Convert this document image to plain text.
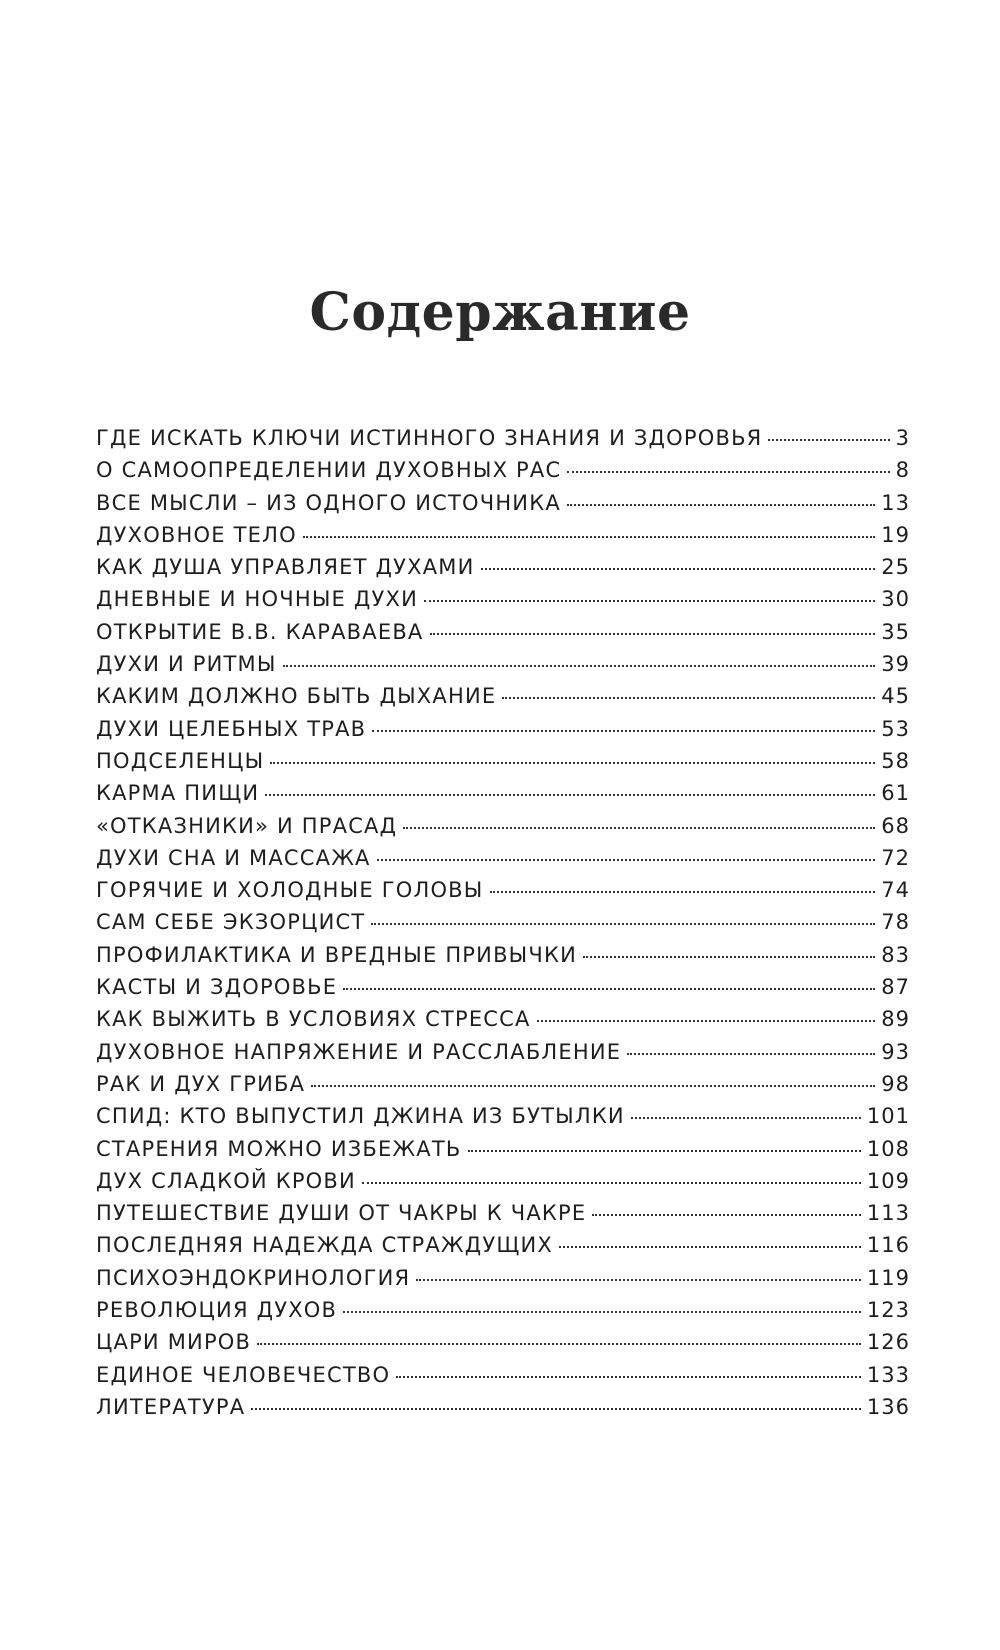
Содержание
ГДЕ ИСКАТЬ КЛЮЧИ ИСТИННОГО ЗНАНИЯ И ЗДОРОВЬЯ	3
О САМООПРЕДЕЛЕНИИ ДУХОВНЫХ РАС	8
ВСЕ МЫСЛИ – ИЗ ОДНОГО ИСТОЧНИКА	13
ДУХОВНОЕ ТЕЛО	19
КАК ДУША УПРАВЛЯЕТ ДУХАМИ	25
ДНЕВНЫЕ И НОЧНЫЕ ДУХИ	30
ОТКРЫТИЕ В.В. КАРАВАЕВА	35
ДУХИ И РИТМЫ	39
КАКИМ ДОЛЖНО БЫТЬ ДЫХАНИЕ	45
ДУХИ ЦЕЛЕБНЫХ ТРАВ	53
ПОДСЕЛЕНЦЫ	58
КАРМА ПИЩИ	61
«ОТКАЗНИКИ» И ПРАСАД	68
ДУХИ СНА И МАССАЖА	72
ГОРЯЧИЕ И ХОЛОДНЫЕ ГОЛОВЫ	74
САМ СЕБЕ ЭКЗОРЦИСТ	78
ПРОФИЛАКТИКА И ВРЕДНЫЕ ПРИВЫЧКИ	83
КАСТЫ И ЗДОРОВЬЕ	87
КАК ВЫЖИТЬ В УСЛОВИЯХ СТРЕССА	89
ДУХОВНОЕ НАПРЯЖЕНИЕ И РАССЛАБЛЕНИЕ	93
РАК И ДУХ ГРИБА	98
СПИД: КТО ВЫПУСТИЛ ДЖИНА ИЗ БУТЫЛКИ	101
СТАРЕНИЯ МОЖНО ИЗБЕЖАТЬ	108
ДУХ СЛАДКОЙ КРОВИ	109
ПУТЕШЕСТВИЕ ДУШИ ОТ ЧАКРЫ К ЧАКРЕ	113
ПОСЛЕДНЯЯ НАДЕЖДА СТРАЖДУЩИХ	116
ПСИХОЭНДОКРИНОЛОГИЯ	119
РЕВОЛЮЦИЯ ДУХОВ	123
ЦАРИ МИРОВ	126
ЕДИНОЕ ЧЕЛОВЕЧЕСТВО	133
ЛИТЕРАТУРА	136
